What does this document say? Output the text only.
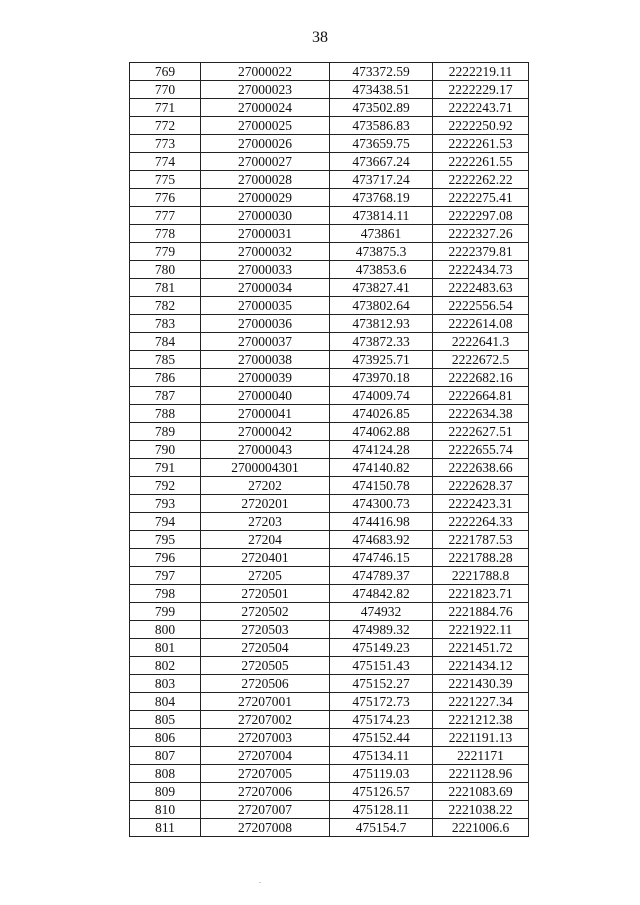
38
769	27000022	473372.59	2222219.11
770	27000023	473438.51	2222229.17
771	27000024	473502.89	2222243.71
772	27000025	473586.83	2222250.92
773	27000026	473659.75	2222261.53
774	27000027	473667.24	2222261.55
775	27000028	473717.24	2222262.22
776	27000029	473768.19	2222275.41
777	27000030	473814.11	2222297.08
778	27000031	473861	2222327.26
779	27000032	473875.3	2222379.81
780	27000033	473853.6	2222434.73
781	27000034	473827.41	2222483.63
782	27000035	473802.64	2222556.54
783	27000036	473812.93	2222614.08
784	27000037	473872.33	2222641.3
785	27000038	473925.71	2222672.5
786	27000039	473970.18	2222682.16
787	27000040	474009.74	2222664.81
788	27000041	474026.85	2222634.38
789	27000042	474062.88	2222627.51
790	27000043	474124.28	2222655.74
791	2700004301	474140.82	2222638.66
792	27202	474150.78	2222628.37
793	2720201	474300.73	2222423.31
794	27203	474416.98	2222264.33
795	27204	474683.92	2221787.53
796	2720401	474746.15	2221788.28
797	27205	474789.37	2221788.8
798	2720501	474842.82	2221823.71
799	2720502	474932	2221884.76
800	2720503	474989.32	2221922.11
801	2720504	475149.23	2221451.72
802	2720505	475151.43	2221434.12
803	2720506	475152.27	2221430.39
804	27207001	475172.73	2221227.34
805	27207002	475174.23	2221212.38
806	27207003	475152.44	2221191.13
807	27207004	475134.11	2221171
808	27207005	475119.03	2221128.96
809	27207006	475126.57	2221083.69
810	27207007	475128.11	2221038.22
811	27207008	475154.7	2221006.6
